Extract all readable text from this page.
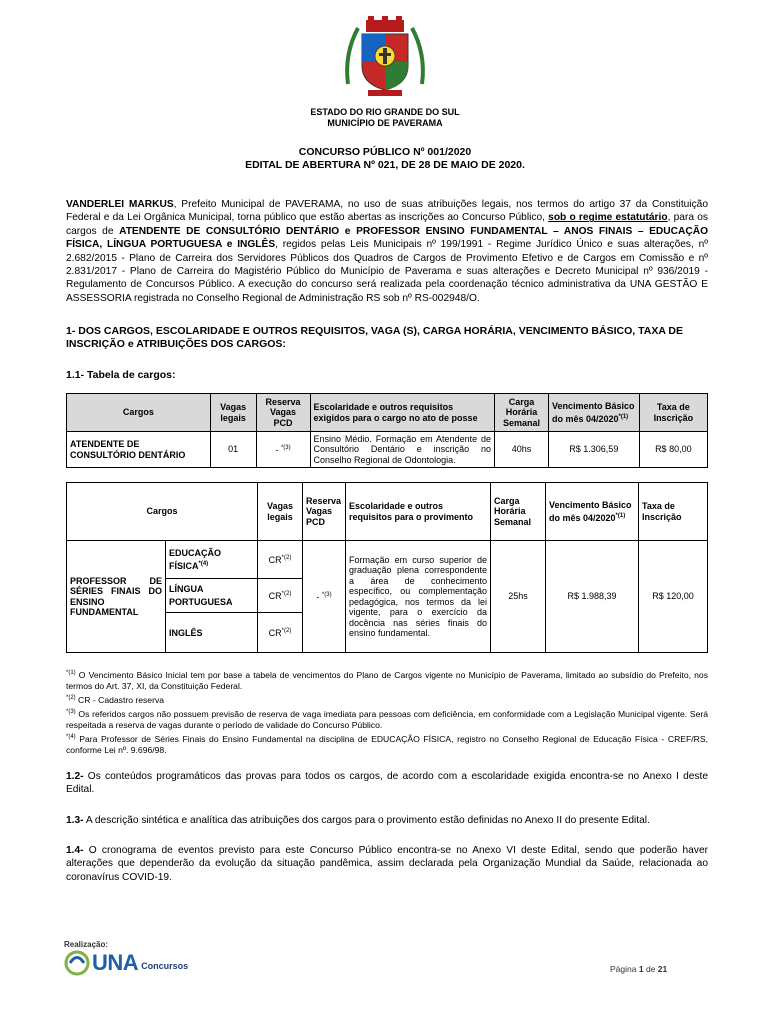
ESTADO DO RIO GRANDE DO SUL
MUNICÍPIO DE PAVERAMA
CONCURSO PÚBLICO Nº 001/2020
EDITAL DE ABERTURA Nº 021, DE 28 DE MAIO DE 2020.
VANDERLEI MARKUS, Prefeito Municipal de PAVERAMA, no uso de suas atribuições legais, nos termos do artigo 37 da Constituição Federal e da Lei Orgânica Municipal, torna público que estão abertas as inscrições ao Concurso Público, sob o regime estatutário, para os cargos de ATENDENTE DE CONSULTÓRIO DENTÁRIO e PROFESSOR ENSINO FUNDAMENTAL – ANOS FINAIS – EDUCAÇÃO FÍSICA, LÍNGUA PORTUGUESA e INGLÊS, regidos pelas Leis Municipais nº 199/1991 - Regime Jurídico Único e suas alterações, nº 2.682/2015 - Plano de Carreira dos Servidores Públicos dos Quadros de Cargos de Provimento Efetivo e de Cargos em Comissão e nº 2.831/2017 - Plano de Carreira do Magistério Público do Município de Paverama e suas alterações e Decreto Municipal nº 936/2019 - Regulamento de Concursos Público. A execução do concurso será realizada pela coordenação técnico administrativa da UNA GESTÃO E ASSESSORIA registrada no Conselho Regional de Administração RS sob nº RS-002948/O.
1- DOS CARGOS, ESCOLARIDADE E OUTROS REQUISITOS, VAGA (S), CARGA HORÁRIA, VENCIMENTO BÁSICO, TAXA DE INSCRIÇÃO e ATRIBUIÇÕES DOS CARGOS:
1.1- Tabela de cargos:
Cargos	Vagas legais	Reserva Vagas PCD	Escolaridade e outros requisitos exigidos para o cargo no ato de posse	Carga Horária Semanal	Vencimento Básico do mês 04/2020$^{*(1)}$	Taxa de Inscrição
ATENDENTE DE CONSULTÓRIO DENTÁRIO	01	- $^{*(3)}$	Ensino Médio. Formação em Atendente de Consultório Dentário e inscrição no Conselho Regional de Odontologia.	40hs	R$ 1.306,59	R$ 80,00
Cargos		Vagas legais	Reserva Vagas PCD	Escolaridade e outros requisitos para o provimento	Carga Horária Semanal	Vencimento Básico do mês 04/2020$^{*(1)}$	Taxa de Inscrição
PROFESSOR DE SÉRIES FINAIS DO ENSINO FUNDAMENTAL	EDUCAÇÃO FÍSICA$^{*(4)}$	CR$^{*(2)}$	- $^{*(3)}$	Formação em curso superior de graduação plena correspondente a área de conhecimento específico, ou complementação pedagógica, nos termos da lei vigente, para o exercício da docência nas séries finais do ensino fundamental.	25hs	R$ 1.988,39	R$ 120,00
	LÍNGUA PORTUGUESA	CR$^{*(2)}$
	INGLÊS	CR$^{*(2)}$
$^{*(1)}$ O Vencimento Básico Inicial tem por base a tabela de vencimentos do Plano de Cargos vigente no Município de Paverama, limitado ao subsídio do Prefeito, nos termos do Art. 37, XI, da Constituição Federal.
$^{*(2)}$ CR - Cadastro reserva
$^{*(3)}$ Os referidos cargos não possuem previsão de reserva de vaga imediata para pessoas com deficiência, em conformidade com a Legislação Municipal vigente. Será respeitada a reserva de vagas durante o período de validade do Concurso Público.
$^{*(4)}$ Para Professor de Séries Finais do Ensino Fundamental na disciplina de EDUCAÇÃO FÍSICA, registro no Conselho Regional de Educação Física - CREF/RS, conforme Lei nº. 9.696/98.
1.2- Os conteúdos programáticos das provas para todos os cargos, de acordo com a escolaridade exigida encontra-se no Anexo I deste Edital.
1.3- A descrição sintética e analítica das atribuições dos cargos para o provimento estão definidas no Anexo II do presente Edital.
1.4- O cronograma de eventos previsto para este Concurso Público encontra-se no Anexo VI deste Edital, sendo que poderão haver alterações que dependerão da evolução da situação pandêmica, assim declarada pela Organização Mundial da Saúde, relacionada ao coronavírus COVID-19.
Realização:
UNA Concursos	Página 1 de 21
